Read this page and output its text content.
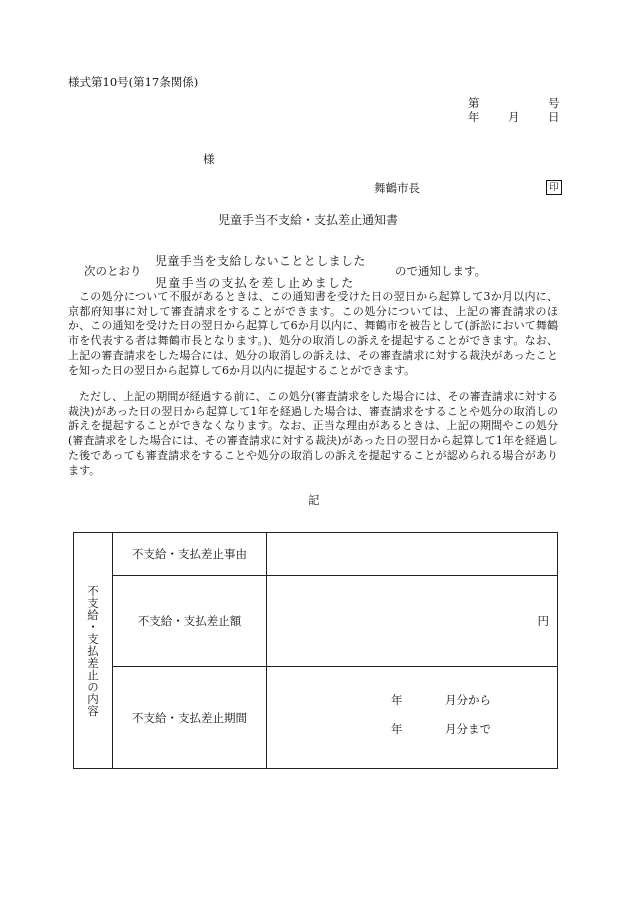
様式第10号(第17条関係)
第	号
年 月 日
様
舞鶴市長	印
児童手当不支給・支払差止通知書
次のとおり
児童手当を支給しないこととしました
児童手当の支払を差し止めました
ので通知します。

この処分について不服があるときは、この通知書を受けた日の翌日から起算して3か月以内に、京都府知事に対して審査請求をすることができます。この処分については、上記の審査請求のほか、この通知を受けた日の翌日から起算して6か月以内に、舞鶴市を被告として(訴訟において舞鶴市を代表する者は舞鶴市長となります。)、処分の取消しの訴えを提起することができます。なお、上記の審査請求をした場合には、処分の取消しの訴えは、その審査請求に対する裁決があったことを知った日の翌日から起算して6か月以内に提起することができます。

ただし、上記の期間が経過する前に、この処分(審査請求をした場合には、その審査請求に対する裁決)があった日の翌日から起算して1年を経過した場合は、審査請求をすることや処分の取消しの訴えを提起することができなくなります。なお、正当な理由があるときは、上記の期間やこの処分(審査請求をした場合には、その審査請求に対する裁決)があった日の翌日から起算して1年を経過した後であっても審査請求をすることや処分の取消しの訴えを提起することが認められる場合があります。

記
不支給・支払差止の内容	不支給・支払差止事由	
	不支給・支払差止額	円
	不支給・支払差止期間	年 月分から
年 月分まで
